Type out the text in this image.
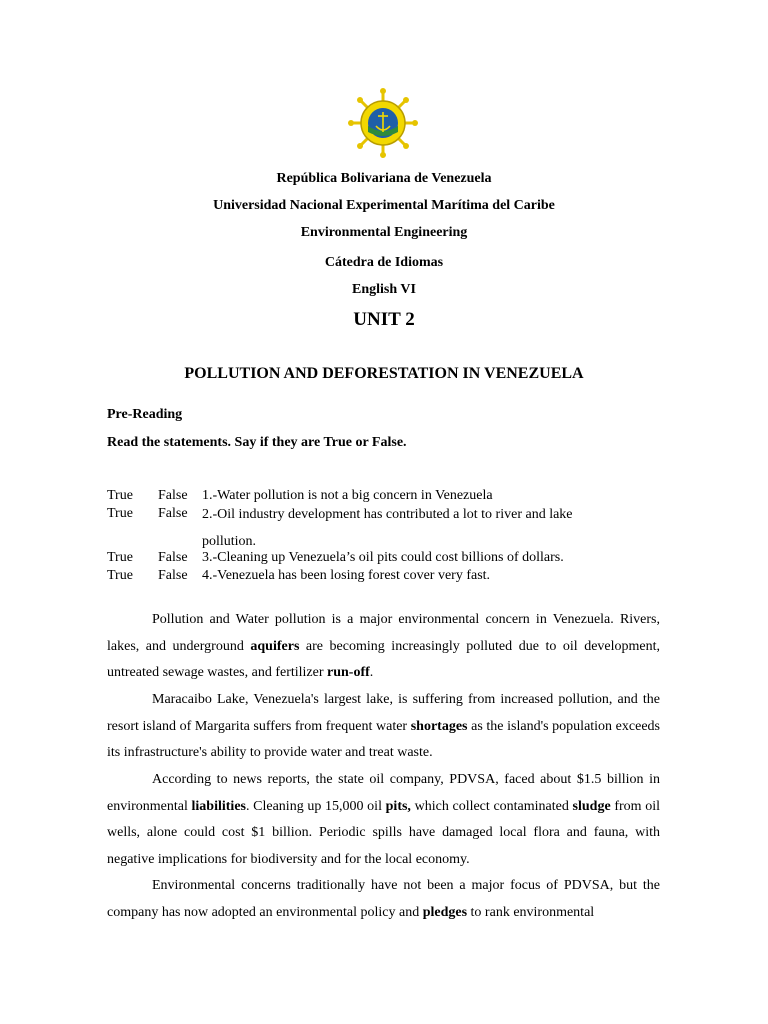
República Bolivariana de Venezuela
Universidad Nacional Experimental Marítima del Caribe
Environmental Engineering
Cátedra de Idiomas
English VI
UNIT 2
POLLUTION AND DEFORESTATION IN VENEZUELA
Pre-Reading
Read the statements. Say if they are True or False.
True False 1.-Water pollution is not a big concern in Venezuela
True False 2.-Oil industry development has contributed a lot to river and lake pollution.
True False 3.-Cleaning up Venezuela’s oil pits could cost billions of dollars.
True False 4.-Venezuela has been losing forest cover very fast.

Pollution and Water pollution is a major environmental concern in Venezuela. Rivers, lakes, and underground aquifers are becoming increasingly polluted due to oil development, untreated sewage wastes, and fertilizer run-off.

Maracaibo Lake, Venezuela's largest lake, is suffering from increased pollution, and the resort island of Margarita suffers from frequent water shortages as the island's population exceeds its infrastructure's ability to provide water and treat waste.

According to news reports, the state oil company, PDVSA, faced about $1.5 billion in environmental liabilities. Cleaning up 15,000 oil pits, which collect contaminated sludge from oil wells, alone could cost $1 billion. Periodic spills have damaged local flora and fauna, with negative implications for biodiversity and for the local economy.

Environmental concerns traditionally have not been a major focus of PDVSA, but the company has now adopted an environmental policy and pledges to rank environmental
